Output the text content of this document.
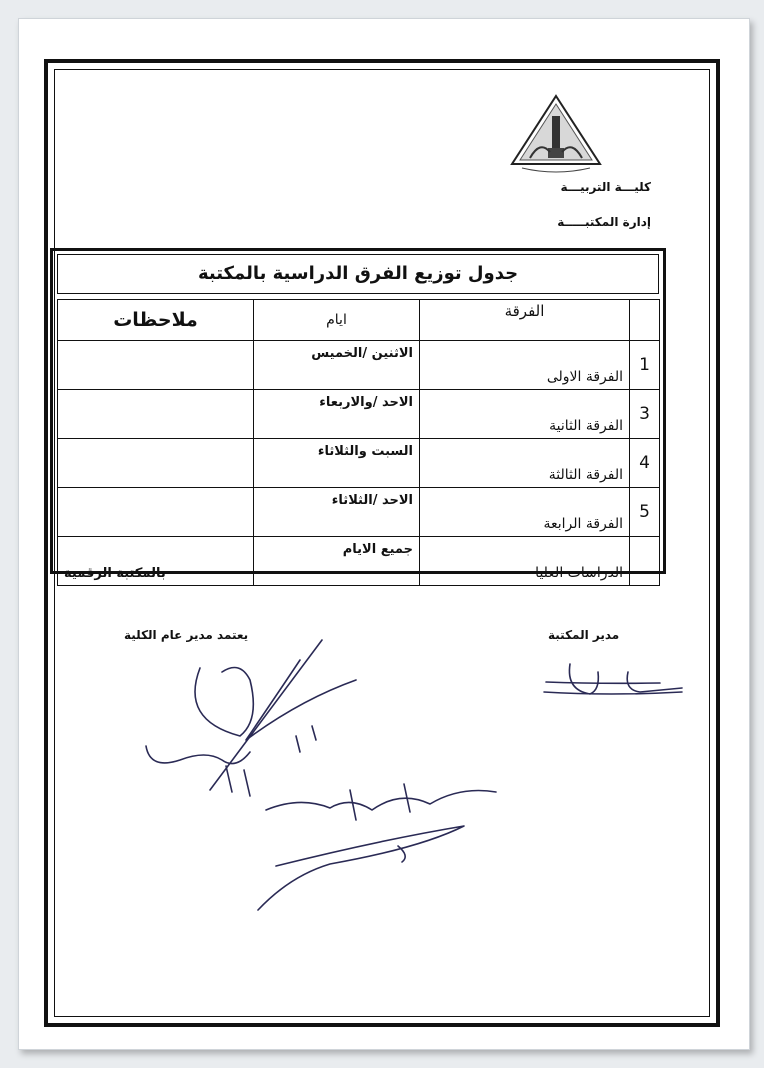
كليـــة التربيـــة
إدارة المكتبـــــة
جدول توزيع الفرق الدراسية بالمكتبة
ملاحظات	ايام	الفرقة	
	الاثنين /الخميس	الفرقة الاولى	1
	الاحد /والاربعاء	الفرقة الثانية	3
	السبت والثلاثاء	الفرقة الثالثة	4
	الاحد /الثلاثاء	الفرقة الرابعة	5
بالمكتبة الرقمية	جميع الايام	الدراسات العليا	
مدير المكتبة
يعتمد مدير عام الكلية
